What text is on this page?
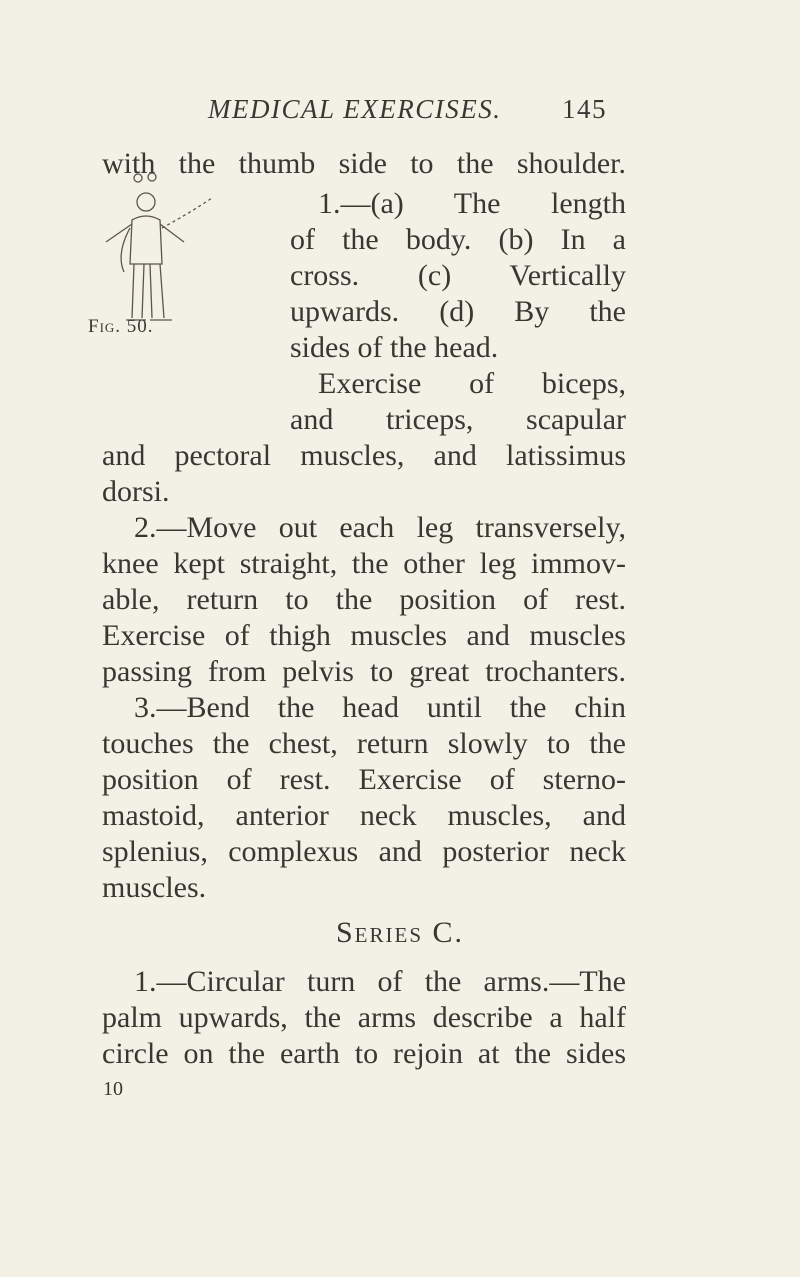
MEDICAL EXERCISES. 145
with the thumb side to the shoulder.
Fig. 50.
1.—(a) The length
of the body. (b) In a
cross. (c) Vertically
upwards. (d) By the
sides of the head.
Exercise of biceps,
and triceps, scapular
and pectoral muscles, and latissimus
dorsi.
2.—Move out each leg transversely,
knee kept straight, the other leg immov-
able, return to the position of rest.
Exercise of thigh muscles and muscles
passing from pelvis to great trochanters.
3.—Bend the head until the chin
touches the chest, return slowly to the
position of rest. Exercise of sterno-
mastoid, anterior neck muscles, and
splenius, complexus and posterior neck
muscles.
Series C.
1.—Circular turn of the arms.—The
palm upwards, the arms describe a half
circle on the earth to rejoin at the sides
10
